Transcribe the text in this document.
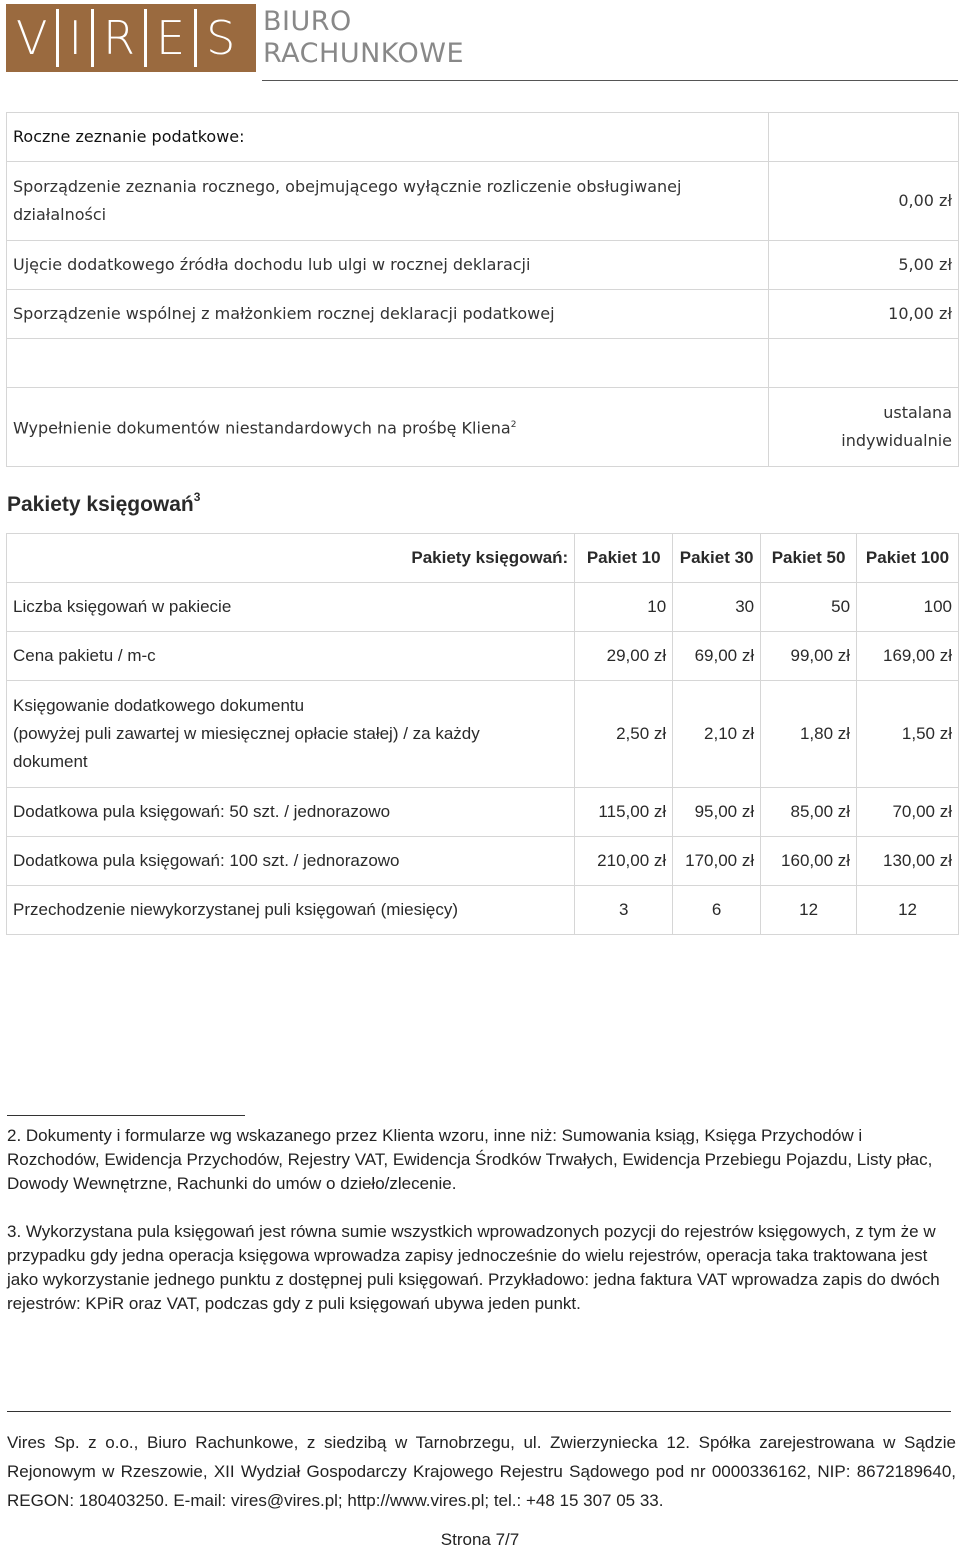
V I R E S BIURO
RACHUNKOWE
Roczne zeznanie podatkowe:	
Sporządzenie zeznania rocznego, obejmującego wyłącznie rozliczenie obsługiwanej działalności	0,00 zł
Ujęcie dodatkowego źródła dochodu lub ulgi w rocznej deklaracji	5,00 zł
Sporządzenie wspólnej z małżonkiem rocznej deklaracji podatkowej	10,00 zł

Wypełnienie dokumentów niestandardowych na prośbę Kliena$^2$	ustalana
indywidualnie
Pakiety księgowań$^3$
Pakiety księgowań:	Pakiet 10	Pakiet 30	Pakiet 50	Pakiet 100
Liczba księgowań w pakiecie	10	30	50	100
Cena pakietu / m-c	29,00 zł	69,00 zł	99,00 zł	169,00 zł

Księgowanie dodatkowego dokumentu
(powyżej puli zawartej w miesięcznej opłacie stałej) / za każdy
dokument	2,50 zł	2,10 zł	1,80 zł	1,50 zł
Dodatkowa pula księgowań: 50 szt. / jednorazowo	115,00 zł	95,00 zł	85,00 zł	70,00 zł
Dodatkowa pula księgowań: 100 szt. / jednorazowo	210,00 zł	170,00 zł	160,00 zł	130,00 zł
Przechodzenie niewykorzystanej puli księgowań (miesięcy)	3	6	12	12
2. Dokumenty i formularze wg wskazanego przez Klienta wzoru, inne niż: Sumowania ksiąg, Księga Przychodów i Rozchodów, Ewidencja Przychodów, Rejestry VAT, Ewidencja Środków Trwałych, Ewidencja Przebiegu Pojazdu, Listy płac, Dowody Wewnętrzne, Rachunki do umów o dzieło/zlecenie.
3. Wykorzystana pula księgowań jest równa sumie wszystkich wprowadzonych pozycji do rejestrów księgowych, z tym że w przypadku gdy jedna operacja księgowa wprowadza zapisy jednocześnie do wielu rejestrów, operacja taka traktowana jest jako wykorzystanie jednego punktu z dostępnej puli księgowań. Przykładowo: jedna faktura VAT wprowadza zapis do dwóch rejestrów: KPiR oraz VAT, podczas gdy z puli księgowań ubywa jeden punkt.
Vires Sp. z o.o., Biuro Rachunkowe, z siedzibą w Tarnobrzegu, ul. Zwierzyniecka 12. Spółka zarejestrowana w Sądzie Rejonowym w Rzeszowie, XII Wydział Gospodarczy Krajowego Rejestru Sądowego pod nr 0000336162, NIP: 8672189640, REGON: 180403250. E-mail: vires@vires.pl; http://www.vires.pl; tel.: +48 15 307 05 33.
Strona 7/7
